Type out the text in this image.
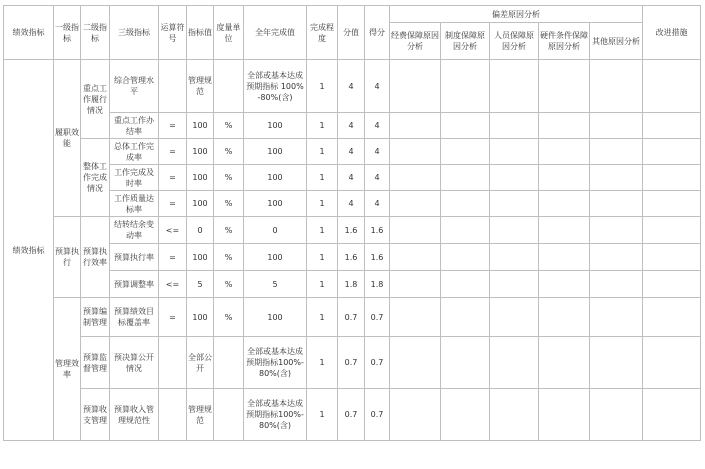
绩效指标	一级指标	二级指标	三级指标	运算符号	指标值	度量单位	全年完成值	完成程度	分值	得分	偏差原因分析					改进措施
											经费保障原因分析	制度保障原因分析	人员保障原因分析	硬件条件保障原因分析	其他原因分析	
绩效指标	履职效能	重点工作履行情况	综合管理水平		管理规范		全部或基本达成预期指标 100%-80%(含)	1	4	4						
			重点工作办结率	=	100	%	100	1	4	4						
		整体工作完成情况	总体工作完成率	=	100	%	100	1	4	4						
			工作完成及时率	=	100	%	100	1	4	4						
			工作质量达标率	=	100	%	100	1	4	4						
	预算执行	预算执行效率	结转结余变动率	<=	0	%	0	1	1.6	1.6						
			预算执行率	=	100	%	100	1	1.6	1.6						
			预算调整率	<=	5	%	5	1	1.8	1.8						
	管理效率	预算编制管理	预算绩效目标覆盖率	=	100	%	100	1	0.7	0.7						
		预算监督管理	预决算公开情况		全部公开		全部或基本达成预期指标100%-80%(含)	1	0.7	0.7						
		预算收支管理	预算收入管理规范性		管理规范		全部或基本达成预期指标100%-80%(含)	1	0.7	0.7						
